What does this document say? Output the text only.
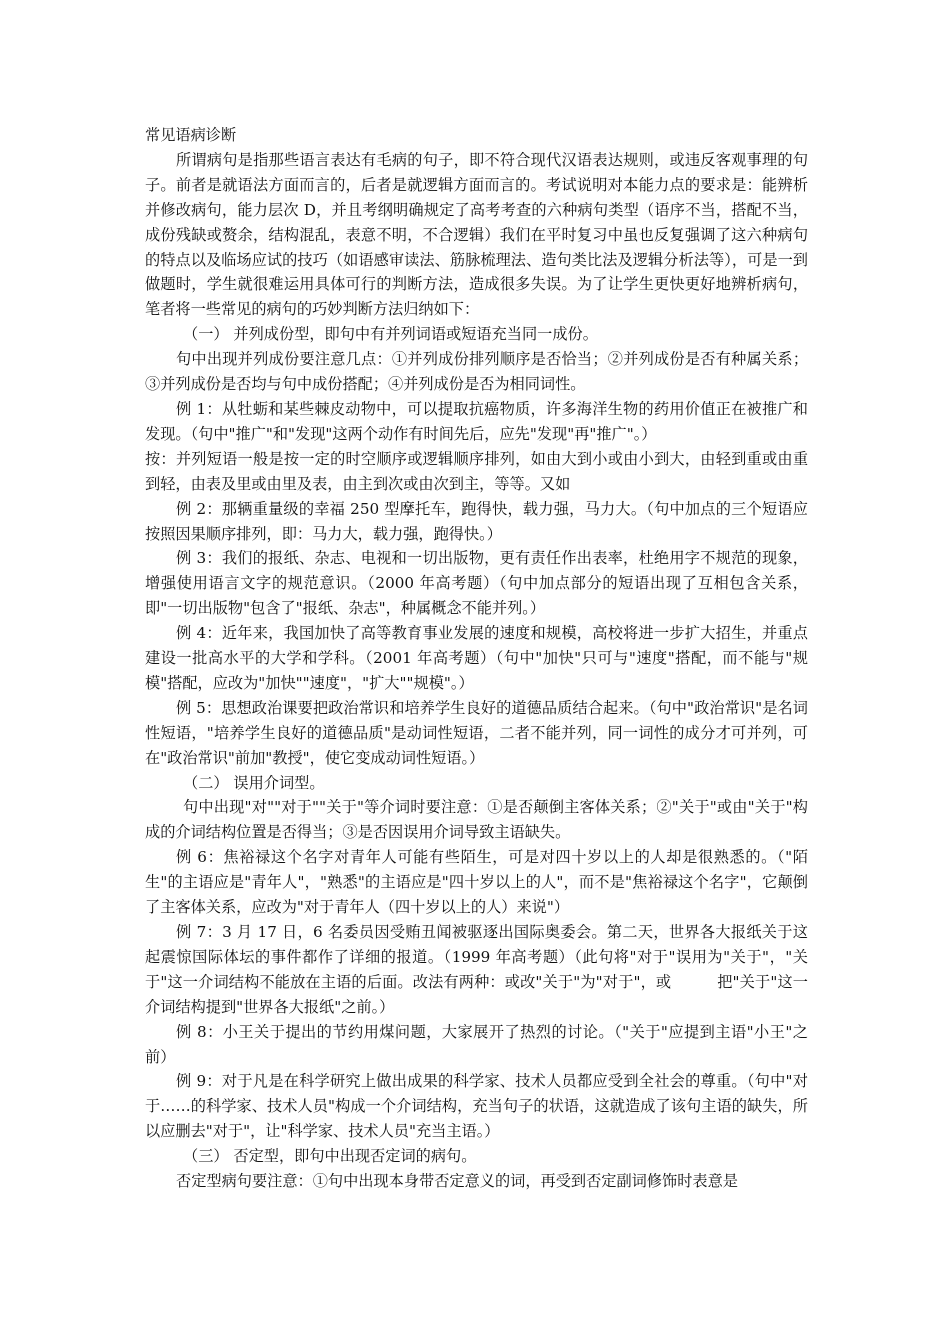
常见语病诊断

所谓病句是指那些语言表达有毛病的句子，即不符合现代汉语表达规则，或违反客观事理的句子。前者是就语法方面而言的，后者是就逻辑方面而言的。考试说明对本能力点的要求是：能辨析并修改病句，能力层次 D，并且考纲明确规定了高考考查的六种病句类型（语序不当，搭配不当，成份残缺或赘余，结构混乱，表意不明，不合逻辑）我们在平时复习中虽也反复强调了这六种病句的特点以及临场应试的技巧（如语感审读法、筋脉梳理法、造句类比法及逻辑分析法等），可是一到做题时，学生就很难运用具体可行的判断方法，造成很多失误。为了让学生更快更好地辨析病句，笔者将一些常见的病句的巧妙判断方法归纳如下：

（一） 并列成份型，即句中有并列词语或短语充当同一成份。

句中出现并列成份要注意几点：①并列成份排列顺序是否恰当；②并列成份是否有种属关系；③并列成份是否均与句中成份搭配；④并列成份是否为相同词性。

例 1：从牡蛎和某些棘皮动物中，可以提取抗癌物质，许多海洋生物的药用价值正在被推广和发现。（句中"推广"和"发现"这两个动作有时间先后，应先"发现"再"推广"。）

按：并列短语一般是按一定的时空顺序或逻辑顺序排列，如由大到小或由小到大，由轻到重或由重到轻，由表及里或由里及表，由主到次或由次到主，等等。又如

例 2：那辆重量级的幸福 250 型摩托车，跑得快，载力强，马力大。（句中加点的三个短语应按照因果顺序排列，即：马力大，载力强，跑得快。）

例 3：我们的报纸、杂志、电视和一切出版物，更有责任作出表率，杜绝用字不规范的现象，增强使用语言文字的规范意识。（2000 年高考题）（句中加点部分的短语出现了互相包含关系，即"一切出版物"包含了"报纸、杂志"，种属概念不能并列。）

例 4：近年来，我国加快了高等教育事业发展的速度和规模，高校将进一步扩大招生，并重点建设一批高水平的大学和学科。（2001 年高考题）（句中"加快"只可与"速度"搭配，而不能与"规模"搭配，应改为"加快""速度"，"扩大""规模"。）

例 5：思想政治课要把政治常识和培养学生良好的道德品质结合起来。（句中"政治常识"是名词性短语，"培养学生良好的道德品质"是动词性短语，二者不能并列，同一词性的成分才可并列，可在"政治常识"前加"教授"，使它变成动词性短语。）

（二） 误用介词型。

句中出现"对""对于""关于"等介词时要注意：①是否颠倒主客体关系；②"关于"或由"关于"构成的介词结构位置是否得当；③是否因误用介词导致主语缺失。

例 6：焦裕禄这个名字对青年人可能有些陌生，可是对四十岁以上的人却是很熟悉的。（"陌生"的主语应是"青年人"，"熟悉"的主语应是"四十岁以上的人"，而不是"焦裕禄这个名字"，它颠倒了主客体关系，应改为"对于青年人（四十岁以上的人）来说"）

例 7：3 月 17 日，6 名委员因受贿丑闻被驱逐出国际奥委会。第二天，世界各大报纸关于这起震惊国际体坛的事件都作了详细的报道。（1999 年高考题）（此句将"对于"误用为"关于"，"关于"这一介词结构不能放在主语的后面。改法有两种：或改"关于"为"对于"，或　　　把"关于"这一介词结构提到"世界各大报纸"之前。）

例 8：小王关于提出的节约用煤问题，大家展开了热烈的讨论。（"关于"应提到主语"小王"之前）

例 9：对于凡是在科学研究上做出成果的科学家、技术人员都应受到全社会的尊重。（句中"对于……的科学家、技术人员"构成一个介词结构，充当句子的状语，这就造成了该句主语的缺失，所以应删去"对于"，让"科学家、技术人员"充当主语。）

（三） 否定型，即句中出现否定词的病句。

否定型病句要注意：①句中出现本身带否定意义的词，再受到否定副词修饰时表意是
